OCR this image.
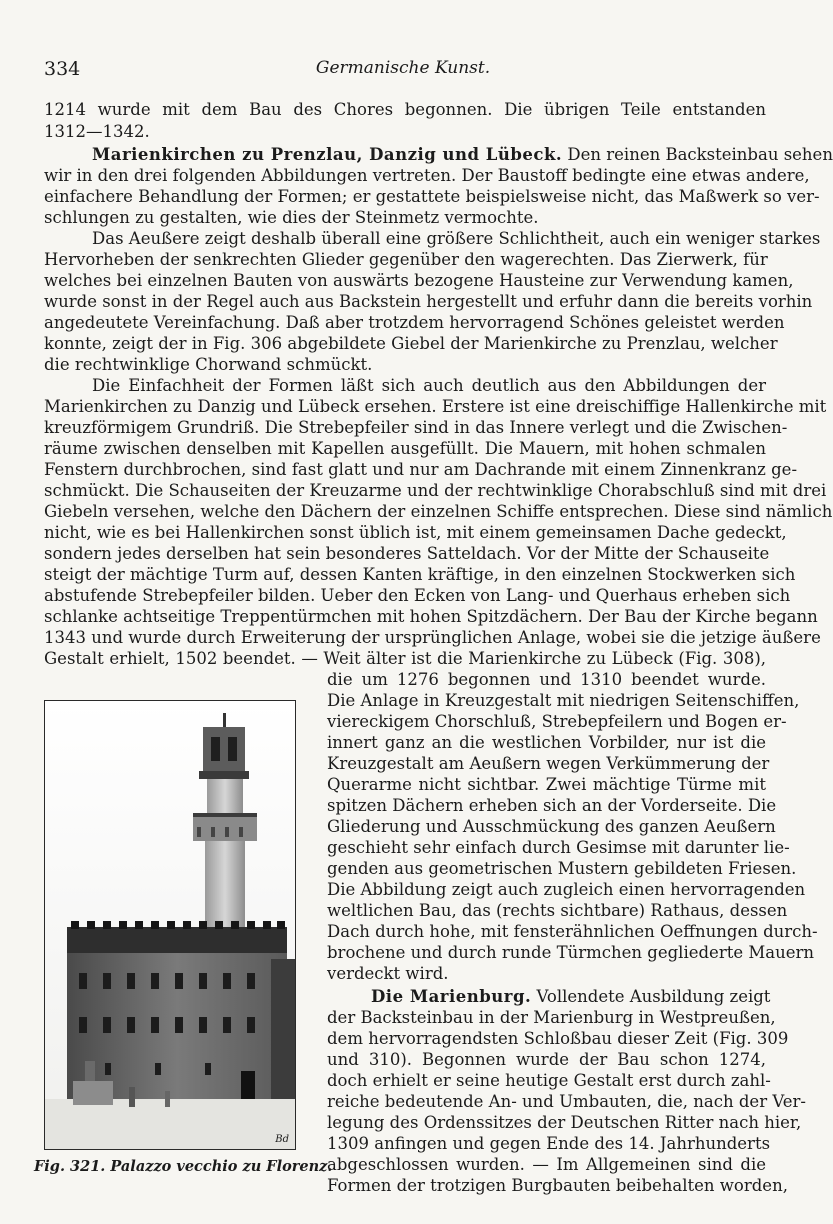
334	Germanische Kunst.
1214 wurde mit dem Bau des Chores begonnen. Die übrigen Teile entstanden
1312—1342.
Marienkirchen zu Prenzlau, Danzig und Lübeck. Den reinen Backsteinbau sehen
wir in den drei folgenden Abbildungen vertreten. Der Baustoff bedingte eine etwas andere,
einfachere Behandlung der Formen; er gestattete beispielsweise nicht, das Maßwerk so ver-
schlungen zu gestalten, wie dies der Steinmetz vermochte.
Das Aeußere zeigt deshalb überall eine größere Schlichtheit, auch ein weniger starkes
Hervorheben der senkrechten Glieder gegenüber den wagerechten. Das Zierwerk, für
welches bei einzelnen Bauten von auswärts bezogene Hausteine zur Verwendung kamen,
wurde sonst in der Regel auch aus Backstein hergestellt und erfuhr dann die bereits vorhin
angedeutete Vereinfachung. Daß aber trotzdem hervorragend Schönes geleistet werden
konnte, zeigt der in Fig. 306 abgebildete Giebel der Marienkirche zu Prenzlau, welcher
die rechtwinklige Chorwand schmückt.
Die Einfachheit der Formen läßt sich auch deutlich aus den Abbildungen der
Marienkirchen zu Danzig und Lübeck ersehen. Erstere ist eine dreischiffige Hallenkirche mit
kreuzförmigem Grundriß. Die Strebepfeiler sind in das Innere verlegt und die Zwischen-
räume zwischen denselben mit Kapellen ausgefüllt. Die Mauern, mit hohen schmalen
Fenstern durchbrochen, sind fast glatt und nur am Dachrande mit einem Zinnenkranz ge-
schmückt. Die Schauseiten der Kreuzarme und der rechtwinklige Chorabschluß sind mit drei
Giebeln versehen, welche den Dächern der einzelnen Schiffe entsprechen. Diese sind nämlich
nicht, wie es bei Hallenkirchen sonst üblich ist, mit einem gemeinsamen Dache gedeckt,
sondern jedes derselben hat sein besonderes Satteldach. Vor der Mitte der Schauseite
steigt der mächtige Turm auf, dessen Kanten kräftige, in den einzelnen Stockwerken sich
abstufende Strebepfeiler bilden. Ueber den Ecken von Lang- und Querhaus erheben sich
schlanke achtseitige Treppentürmchen mit hohen Spitzdächern. Der Bau der Kirche begann
1343 und wurde durch Erweiterung der ursprünglichen Anlage, wobei sie die jetzige äußere
Gestalt erhielt, 1502 beendet. — Weit älter ist die Marienkirche zu Lübeck (Fig. 308),
die um 1276 begonnen und 1310 beendet wurde.
Die Anlage in Kreuzgestalt mit niedrigen Seitenschiffen,
viereckigem Chorschluß, Strebepfeilern und Bogen er-
innert ganz an die westlichen Vorbilder, nur ist die
Kreuzgestalt am Aeußern wegen Verkümmerung der
Querarme nicht sichtbar. Zwei mächtige Türme mit
spitzen Dächern erheben sich an der Vorderseite. Die
Gliederung und Ausschmückung des ganzen Aeußern
geschieht sehr einfach durch Gesimse mit darunter lie-
genden aus geometrischen Mustern gebildeten Friesen.
Die Abbildung zeigt auch zugleich einen hervorragenden
weltlichen Bau, das (rechts sichtbare) Rathaus, dessen
Dach durch hohe, mit fensterähnlichen Oeffnungen durch-
brochene und durch runde Türmchen gegliederte Mauern
verdeckt wird.
Die Marienburg. Vollendete Ausbildung zeigt
der Backsteinbau in der Marienburg in Westpreußen,
dem hervorragendsten Schloßbau dieser Zeit (Fig. 309
und 310). Begonnen wurde der Bau schon 1274,
doch erhielt er seine heutige Gestalt erst durch zahl-
reiche bedeutende An- und Umbauten, die, nach der Ver-
legung des Ordenssitzes der Deutschen Ritter nach hier,
1309 anfingen und gegen Ende des 14. Jahrhunderts
abgeschlossen wurden. — Im Allgemeinen sind die
Formen der trotzigen Burgbauten beibehalten worden,
Bd
Fig. 321. Palazzo vecchio zu Florenz.
